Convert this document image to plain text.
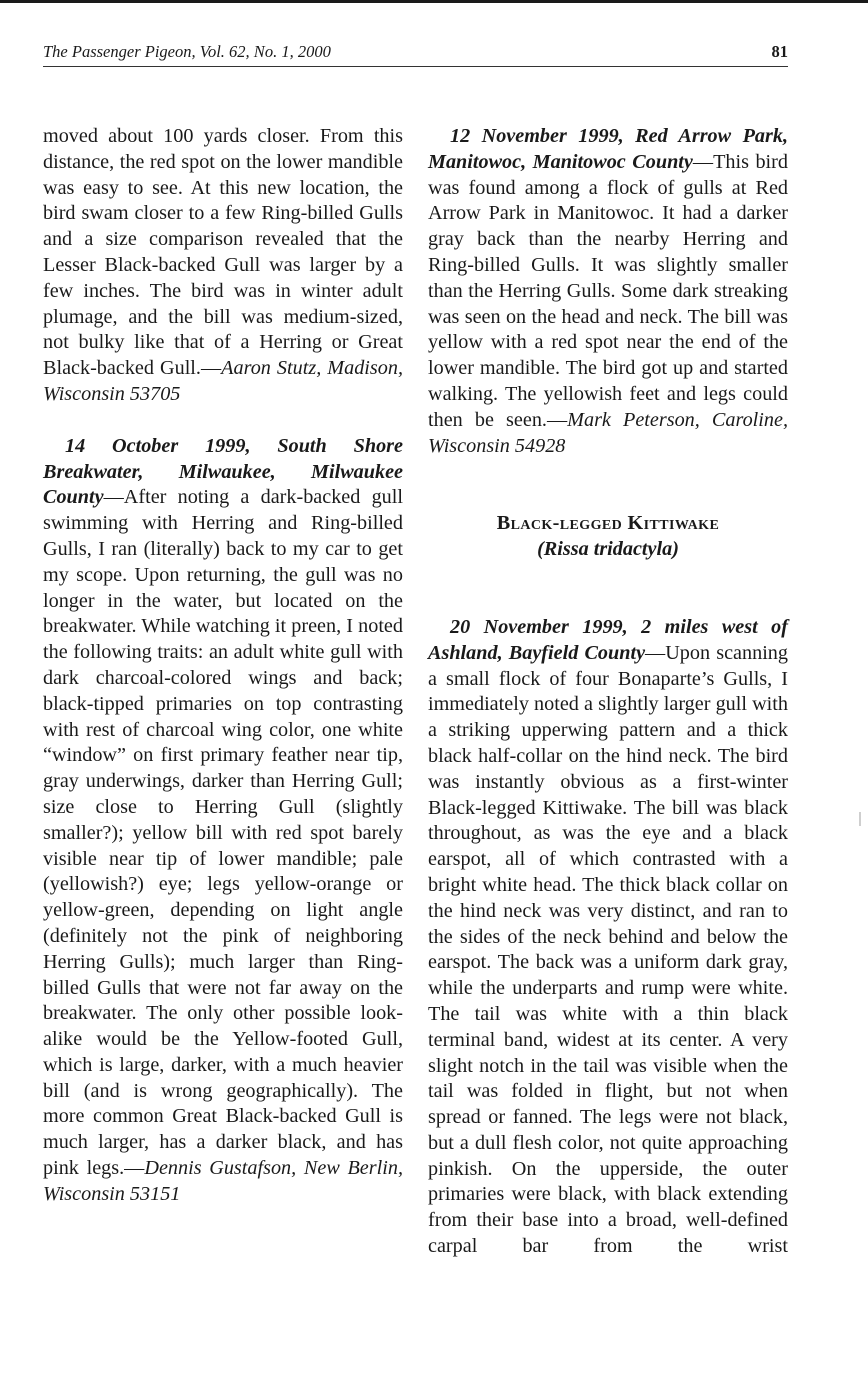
The Passenger Pigeon, Vol. 62, No. 1, 2000	81

moved about 100 yards closer. From this distance, the red spot on the lower mandible was easy to see. At this new location, the bird swam closer to a few Ring-billed Gulls and a size comparison revealed that the Lesser Black-backed Gull was larger by a few inches. The bird was in winter adult plumage, and the bill was medium-sized, not bulky like that of a Herring or Great Black-backed Gull.—Aaron Stutz, Madison, Wisconsin 53705

14 October 1999, South Shore Breakwater, Milwaukee, Milwaukee County—After noting a dark-backed gull swimming with Herring and Ring-billed Gulls, I ran (literally) back to my car to get my scope. Upon returning, the gull was no longer in the water, but located on the breakwater. While watching it preen, I noted the following traits: an adult white gull with dark charcoal-colored wings and back; black-tipped primaries on top contrasting with rest of charcoal wing color, one white “window” on first primary feather near tip, gray underwings, darker than Herring Gull; size close to Herring Gull (slightly smaller?); yellow bill with red spot barely visible near tip of lower mandible; pale (yellowish?) eye; legs yellow-orange or yellow-green, depending on light angle (definitely not the pink of neighboring Herring Gulls); much larger than Ring-billed Gulls that were not far away on the breakwater. The only other possible look-alike would be the Yellow-footed Gull, which is large, darker, with a much heavier bill (and is wrong geographically). The more common Great Black-backed Gull is much larger, has a darker black, and has pink legs.—Dennis Gustafson, New Berlin, Wisconsin 53151

12 November 1999, Red Arrow Park, Manitowoc, Manitowoc County—This bird was found among a flock of gulls at Red Arrow Park in Manitowoc. It had a darker gray back than the nearby Herring and Ring-billed Gulls. It was slightly smaller than the Herring Gulls. Some dark streaking was seen on the head and neck. The bill was yellow with a red spot near the end of the lower mandible. The bird got up and started walking. The yellowish feet and legs could then be seen.—Mark Peterson, Caroline, Wisconsin 54928

Black-legged Kittiwake

(Rissa tridactyla)

20 November 1999, 2 miles west of Ashland, Bayfield County—Upon scanning a small flock of four Bonaparte’s Gulls, I immediately noted a slightly larger gull with a striking upperwing pattern and a thick black half-collar on the hind neck. The bird was instantly obvious as a first-winter Black-legged Kittiwake. The bill was black throughout, as was the eye and a black earspot, all of which contrasted with a bright white head. The thick black collar on the hind neck was very distinct, and ran to the sides of the neck behind and below the earspot. The back was a uniform dark gray, while the underparts and rump were white. The tail was white with a thin black terminal band, widest at its center. A very slight notch in the tail was visible when the tail was folded in flight, but not when spread or fanned. The legs were not black, but a dull flesh color, not quite approaching pinkish. On the upperside, the outer primaries were black, with black extending from their base into a broad, well-defined carpal bar from the wrist
